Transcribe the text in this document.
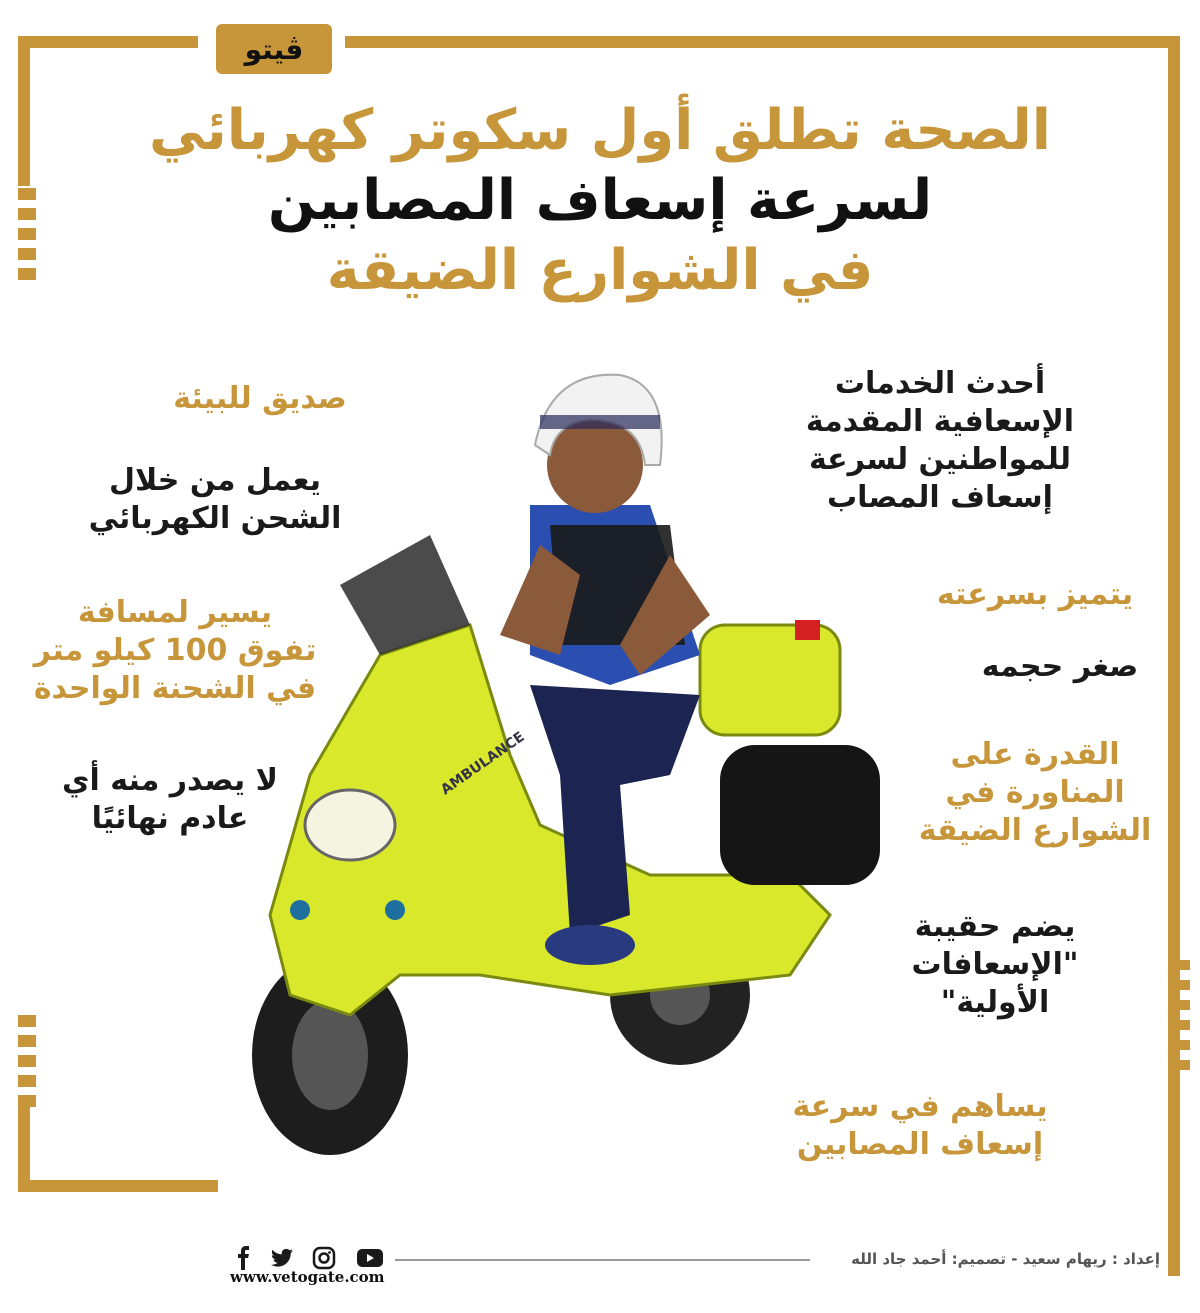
ڤيتو
الصحة تطلق أول سكوتر كهربائي
لسرعة إسعاف المصابين
في الشوارع الضيقة
AMBULANCE
صديق للبيئة
يعمل من خلال
الشحن الكهربائي
يسير لمسافة
تفوق 100 كيلو متر
في الشحنة الواحدة
لا يصدر منه أي
عادم نهائيًا
أحدث الخدمات
الإسعافية المقدمة
للمواطنين لسرعة
إسعاف المصاب
يتميز بسرعته
صغر حجمه
القدرة على
المناورة في
الشوارع الضيقة
يضم حقيبة
"الإسعافات
الأولية"
يساهم في سرعة
إسعاف المصابين
إعداد : ريهام سعيد - تصميم: أحمد جاد الله
www.vetogate.com
